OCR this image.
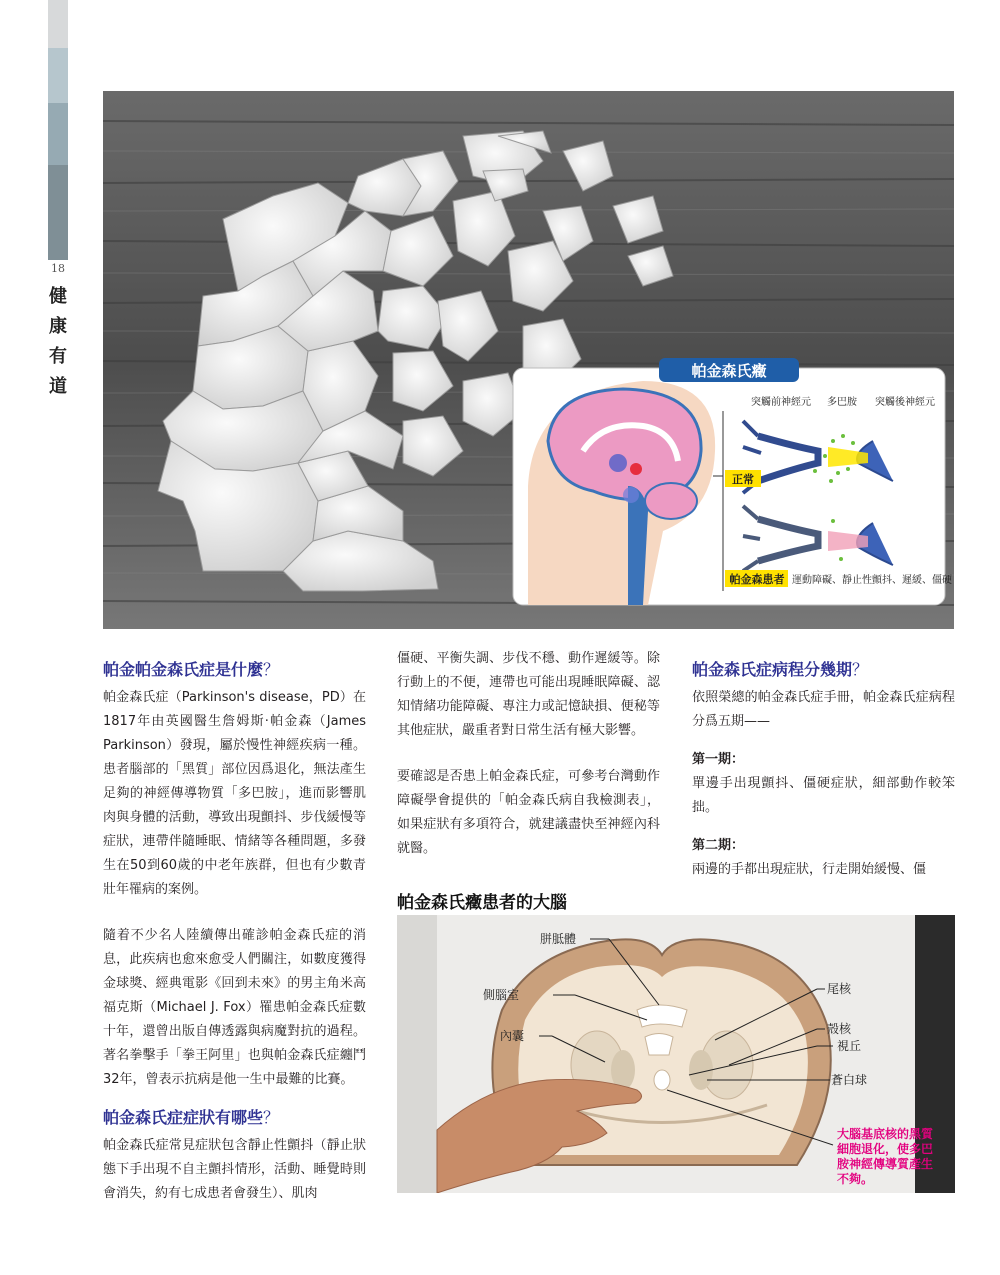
18
健
康
有
道
帕金森氏癥
突觸前神經元 多巴胺 突觸後神經元
正常
帕金森患者 運動障礙、靜止性顫抖、遲緩、僵硬
帕金帕金森氏症是什麼？

帕金森氏症（Parkinson's disease，PD）在1817年由英國醫生詹姆斯·帕金森（James Parkinson）發現，屬於慢性神經疾病一種。患者腦部的「黑質」部位因爲退化，無法產生足夠的神經傳導物質「多巴胺」，進而影響肌肉與身體的活動，導致出現顫抖、步伐緩慢等症狀，連帶伴隨睡眠、情緒等各種問題，多發生在50到60歲的中老年族群，但也有少數青壯年罹病的案例。

隨着不少名人陸續傳出確診帕金森氏症的消息，此疾病也愈來愈受人們關注，如數度獲得金球獎、經典電影《回到未來》的男主角米高福克斯（Michael J. Fox）罹患帕金森氏症數十年，還曾出版自傳透露與病魔對抗的過程。著名拳擊手「拳王阿里」也與帕金森氏症纏鬥32年，曾表示抗病是他一生中最難的比賽。

帕金森氏症症狀有哪些？

帕金森氏症常見症狀包含靜止性顫抖（靜止狀態下手出現不自主顫抖情形，活動、睡覺時則會消失，約有七成患者會發生）、肌肉

僵硬、平衡失調、步伐不穩、動作遲緩等。除行動上的不便，連帶也可能出現睡眠障礙、認知情緒功能障礙、專注力或記憶缺損、便秘等其他症狀，嚴重者對日常生活有極大影響。

要確認是否患上帕金森氏症，可參考台灣動作障礙學會提供的「帕金森氏病自我檢測表」，如果症狀有多項符合，就建議盡快至神經內科就醫。

帕金森氏症病程分幾期？

依照榮總的帕金森氏症手冊，帕金森氏症病程分爲五期——

第一期：

單邊手出現顫抖、僵硬症狀，細部動作較笨拙。

第二期：

兩邊的手都出現症狀，行走開始緩慢、僵

帕金森氏癥患者的大腦
胼胝體
側腦室
內囊
尾核
殼核
視丘
蒼白球
大腦基底核的黑質
細胞退化，使多巴
胺神經傳導質產生
不夠。
